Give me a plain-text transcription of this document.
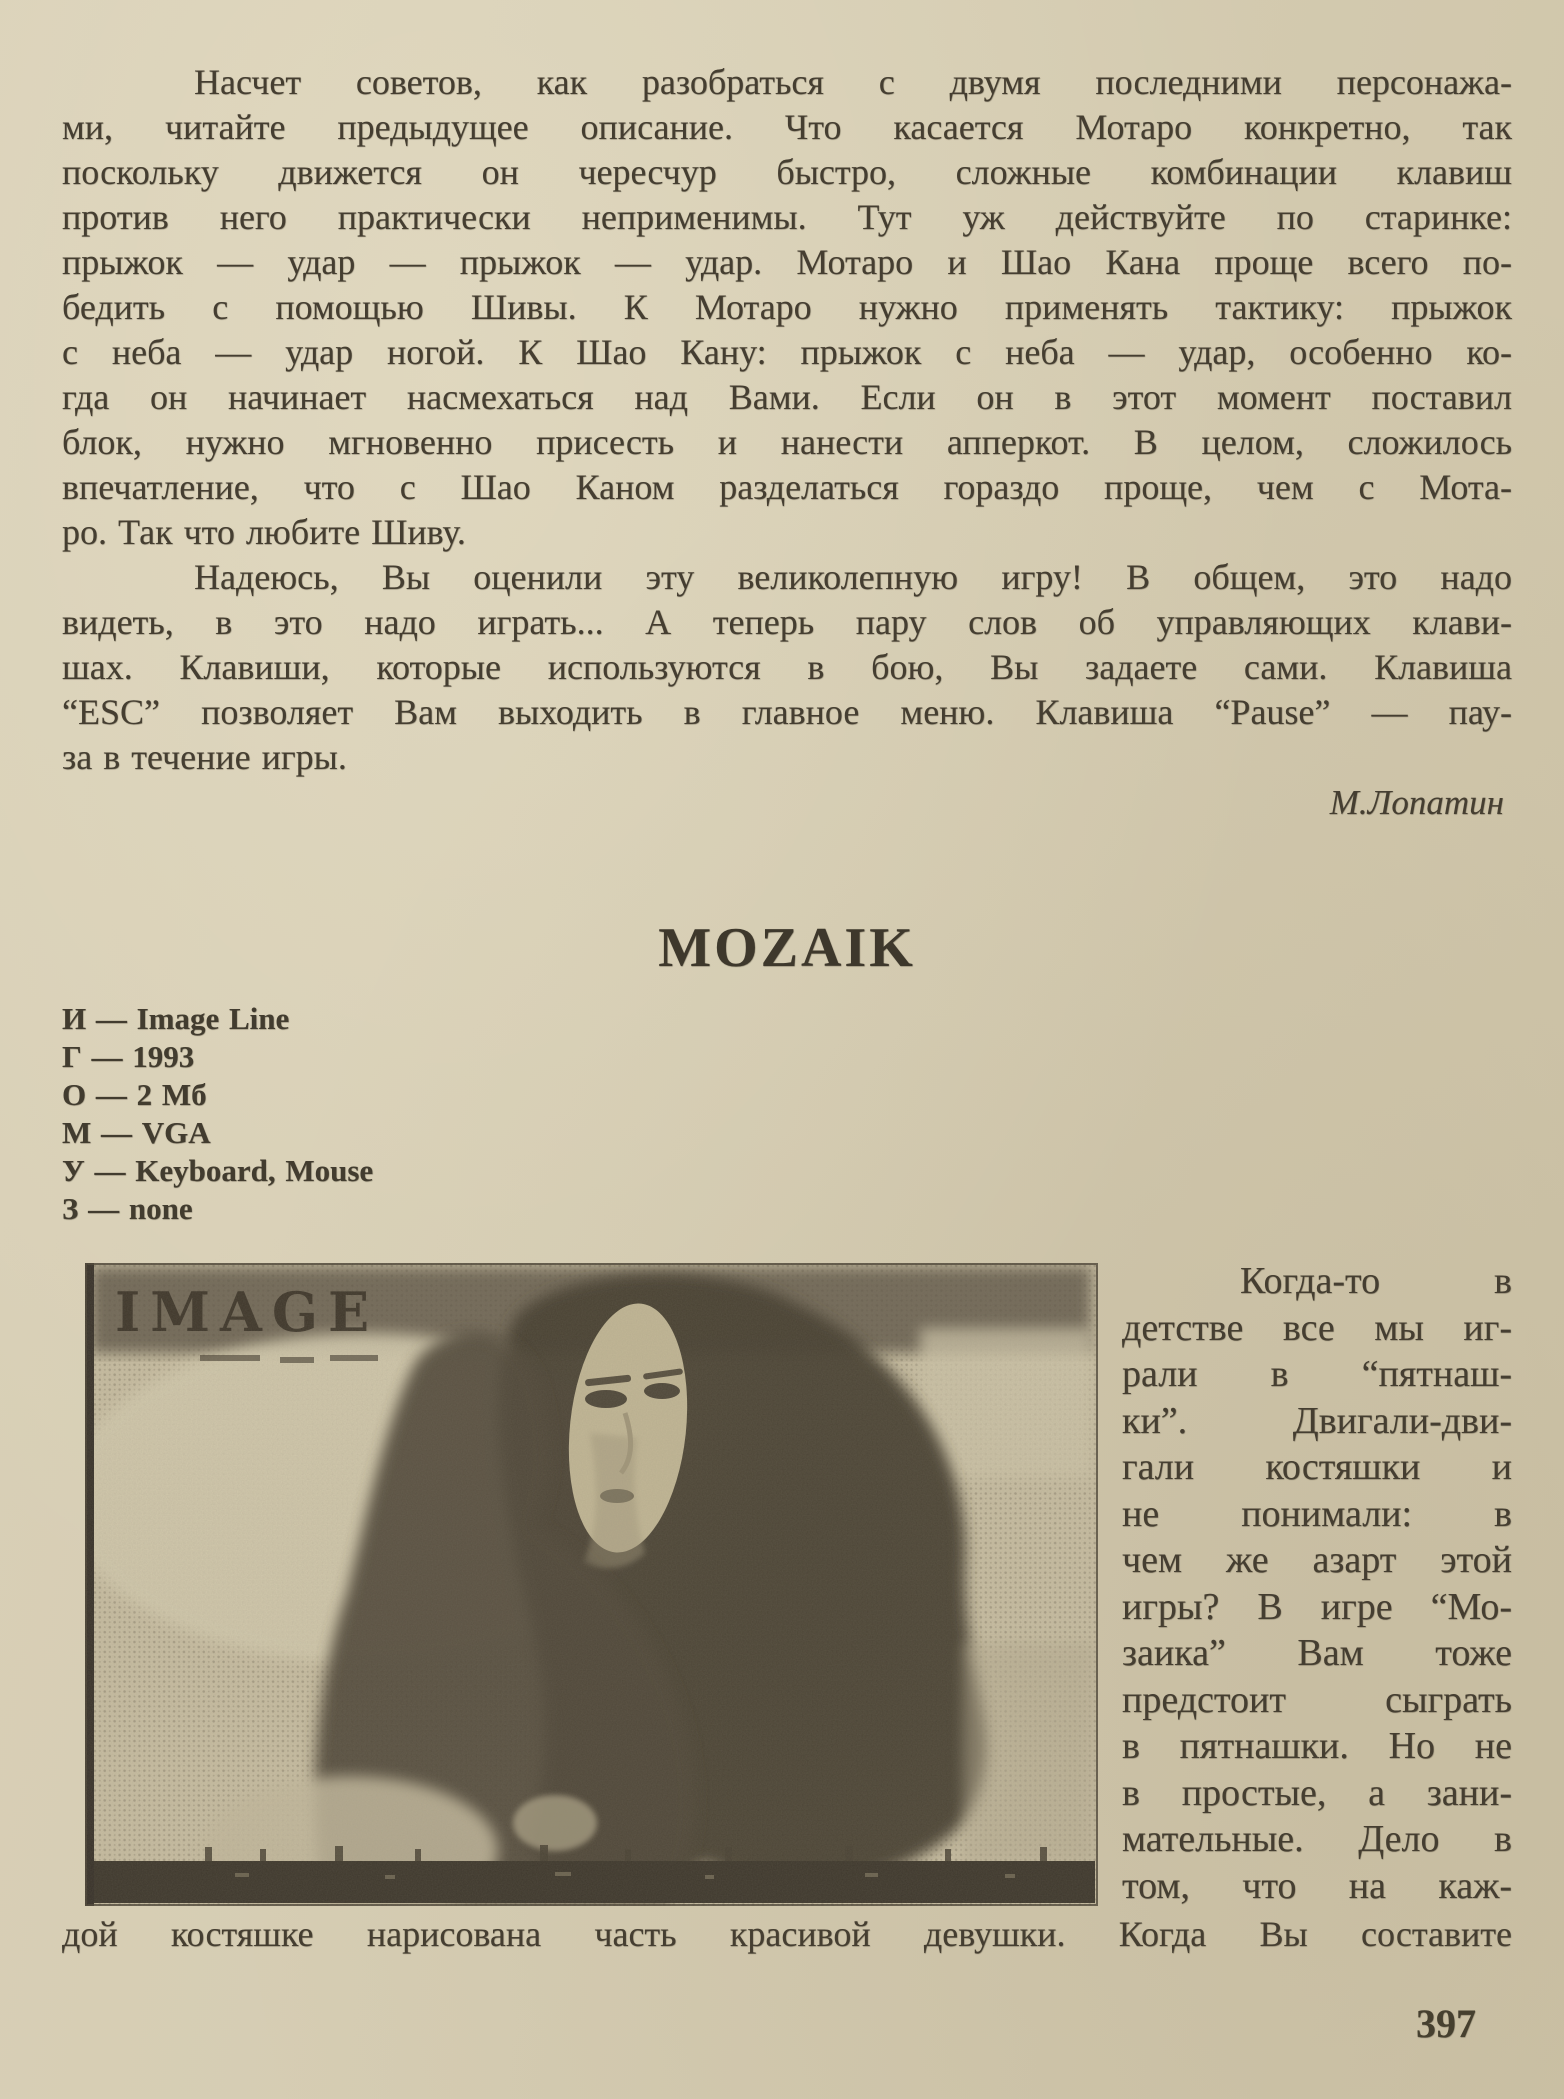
Насчет советов, как разобраться с двумя последними персонажа-
ми, читайте предыдущее описание. Что касается Мотаро конкретно, так
поскольку движется он чересчур быстро, сложные комбинации клавиш
против него практически неприменимы. Тут уж действуйте по старинке:
прыжок — удар — прыжок — удар. Мотаро и Шао Кана проще всего по-
бедить с помощью Шивы. К Мотаро нужно применять тактику: прыжок
с неба — удар ногой. К Шао Кану: прыжок с неба — удар, особенно ко-
гда он начинает насмехаться над Вами. Если он в этот момент поставил
блок, нужно мгновенно присесть и нанести апперкот. В целом, сложилось
впечатление, что с Шао Каном разделаться гораздо проще, чем с Мота-
ро. Так что любите Шиву.
Надеюсь, Вы оценили эту великолепную игру! В общем, это надо
видеть, в это надо играть... А теперь пару слов об управляющих клави-
шах. Клавиши, которые используются в бою, Вы задаете сами. Клавиша
“ESC” позволяет Вам выходить в главное меню. Клавиша “Pause” — пау-
за в течение игры.
М.Лопатин
MOZAIK
И — Image Line
Г — 1993
О — 2 Мб
М — VGA
У — Keyboard, Mouse
З — none
Когда-то в
детстве все мы иг-
рали в “пятнаш-
ки”. Двигали-дви-
гали костяшки и
не понимали: в
чем же азарт этой
игры? В игре “Мо-
заика” Вам тоже
предстоит сыграть
в пятнашки. Но не
в простые, а зани-
мательные. Дело в
том, что на каж-
дой костяшке нарисована часть красивой девушки. Когда Вы составите
397
